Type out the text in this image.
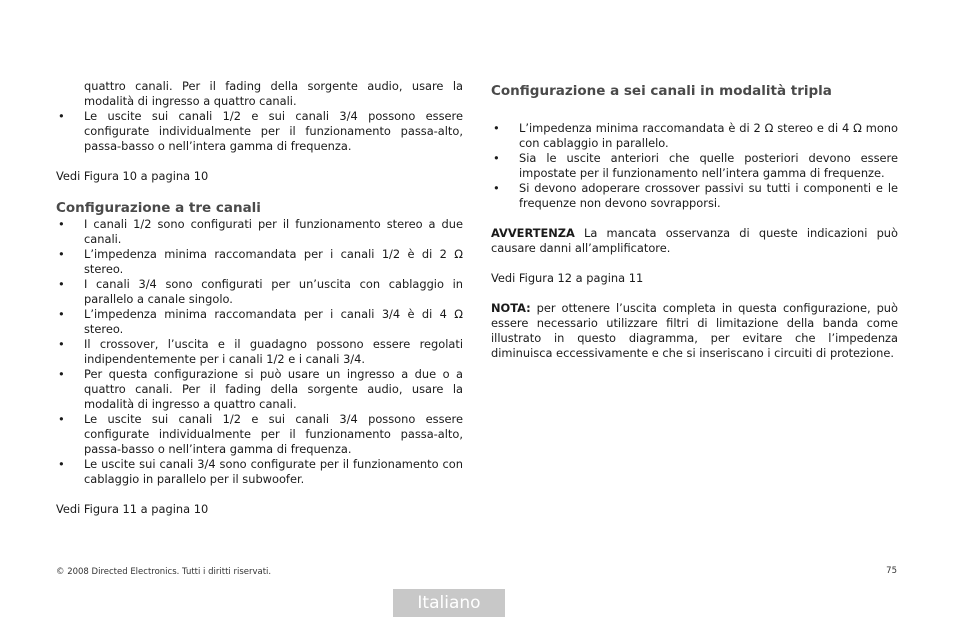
quattro canali. Per il fading della sorgente audio, usare la modalità di ingresso a quattro canali.

• Le uscite sui canali 1/2 e sui canali 3/4 possono essere configurate individualmente per il funzionamento passa-alto, passa-basso o nell’intera gamma di frequenza.

Vedi Figura 10 a pagina 10

Configurazione a tre canali
• I canali 1/2 sono configurati per il funzionamento stereo a due canali.
• L’impedenza minima raccomandata per i canali 1/2 è di 2 Ω stereo.
• I canali 3/4 sono configurati per un’uscita con cablaggio in parallelo a canale singolo.
• L’impedenza minima raccomandata per i canali 3/4 è di 4 Ω stereo.
• Il crossover, l’uscita e il guadagno possono essere regolati indipendentemente per i canali 1/2 e i canali 3/4.
• Per questa configurazione si può usare un ingresso a due o a quattro canali. Per il fading della sorgente audio, usare la modalità di ingresso a quattro canali.
• Le uscite sui canali 1/2 e sui canali 3/4 possono essere configurate individualmente per il funzionamento passa-alto, passa-basso o nell’intera gamma di frequenza.
• Le uscite sui canali 3/4 sono configurate per il funzionamento con cablaggio in parallelo per il subwoofer.

Vedi Figura 11 a pagina 10

Configurazione a sei canali in modalità tripla
• L’impedenza minima raccomandata è di 2 Ω stereo e di 4 Ω mono con cablaggio in parallelo.
• Sia le uscite anteriori che quelle posteriori devono essere impostate per il funzionamento nell’intera gamma di frequenze.
• Si devono adoperare crossover passivi su tutti i componenti e le frequenze non devono sovrapporsi.

AVVERTENZA La mancata osservanza di queste indicazioni può causare danni all’amplificatore.

Vedi Figura 12 a pagina 11

NOTA: per ottenere l’uscita completa in questa configurazione, può essere necessario utilizzare filtri di limitazione della banda come illustrato in questo diagramma, per evitare che l’impedenza diminuisca eccessivamente e che si inseriscano i circuiti di protezione.

© 2008 Directed Electronics. Tutti i diritti riservati.	75
Italiano
